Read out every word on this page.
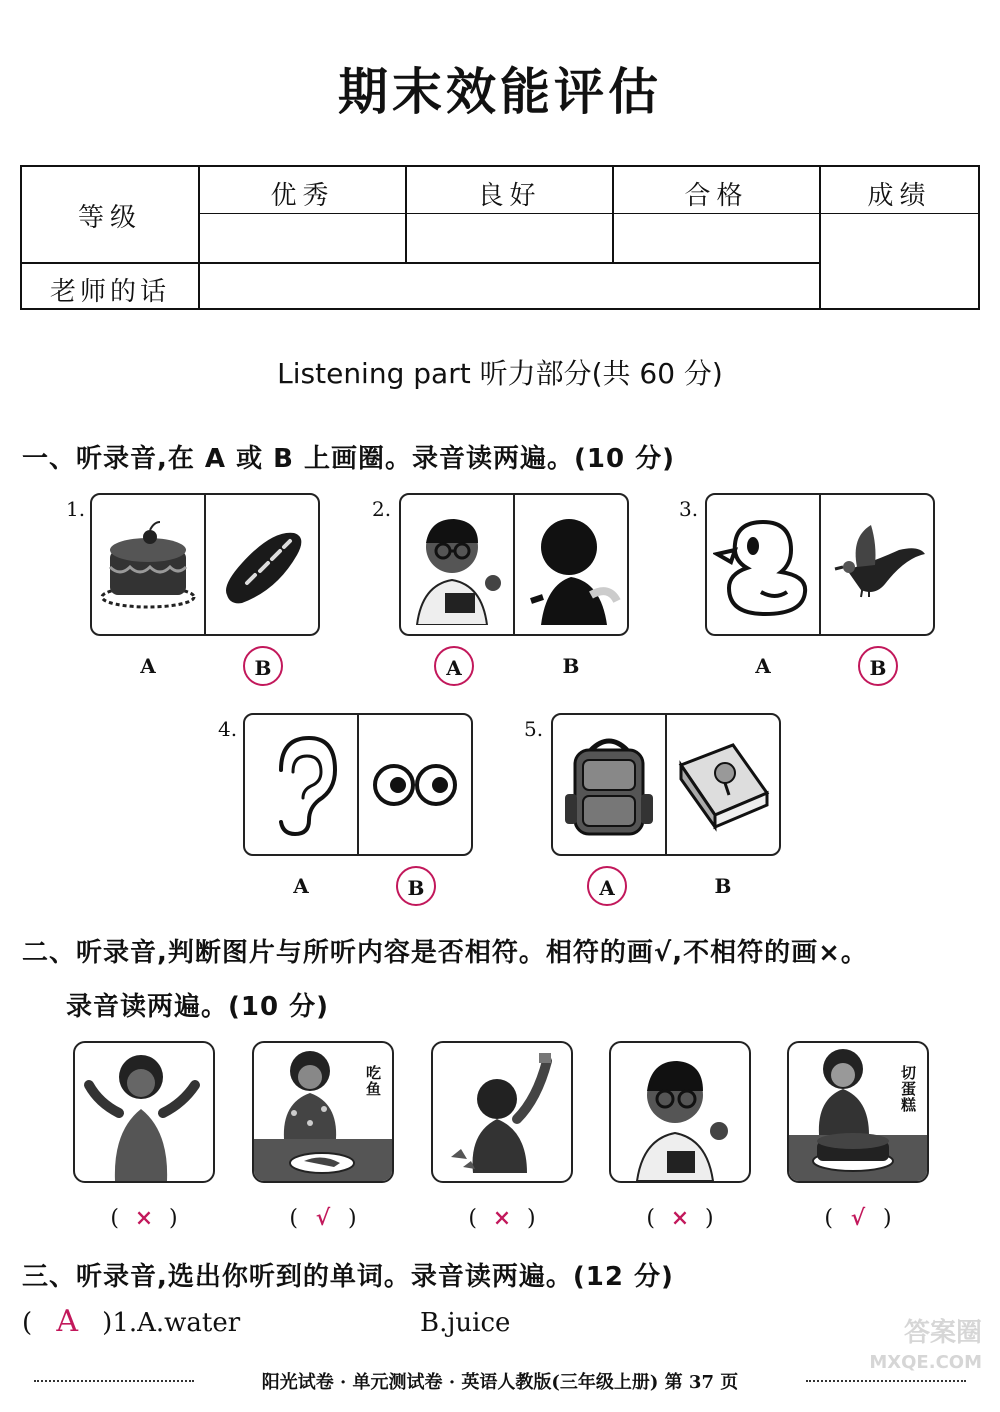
期末效能评估
等级
优秀	良好	合格	成绩
老师的话
Listening part 听力部分(共 60 分)
一、听录音,在 A 或 B 上画圈。录音读两遍。(10 分)
1.
A	B
2.
A	B
3.
A	B
4.
A	B
5.
A	B
二、听录音,判断图片与所听内容是否相符。相符的画√,不相符的画×。
录音读两遍。(10 分)
( × )
吃鱼
( √ )	( × )	( × )
切蛋糕
( √ )
三、听录音,选出你听到的单词。录音读两遍。(12 分)
( A )1.A.water	B.juice	答案圈
MXQE.COM
阳光试卷 · 单元测试卷 · 英语人教版(三年级上册) 第 37 页
